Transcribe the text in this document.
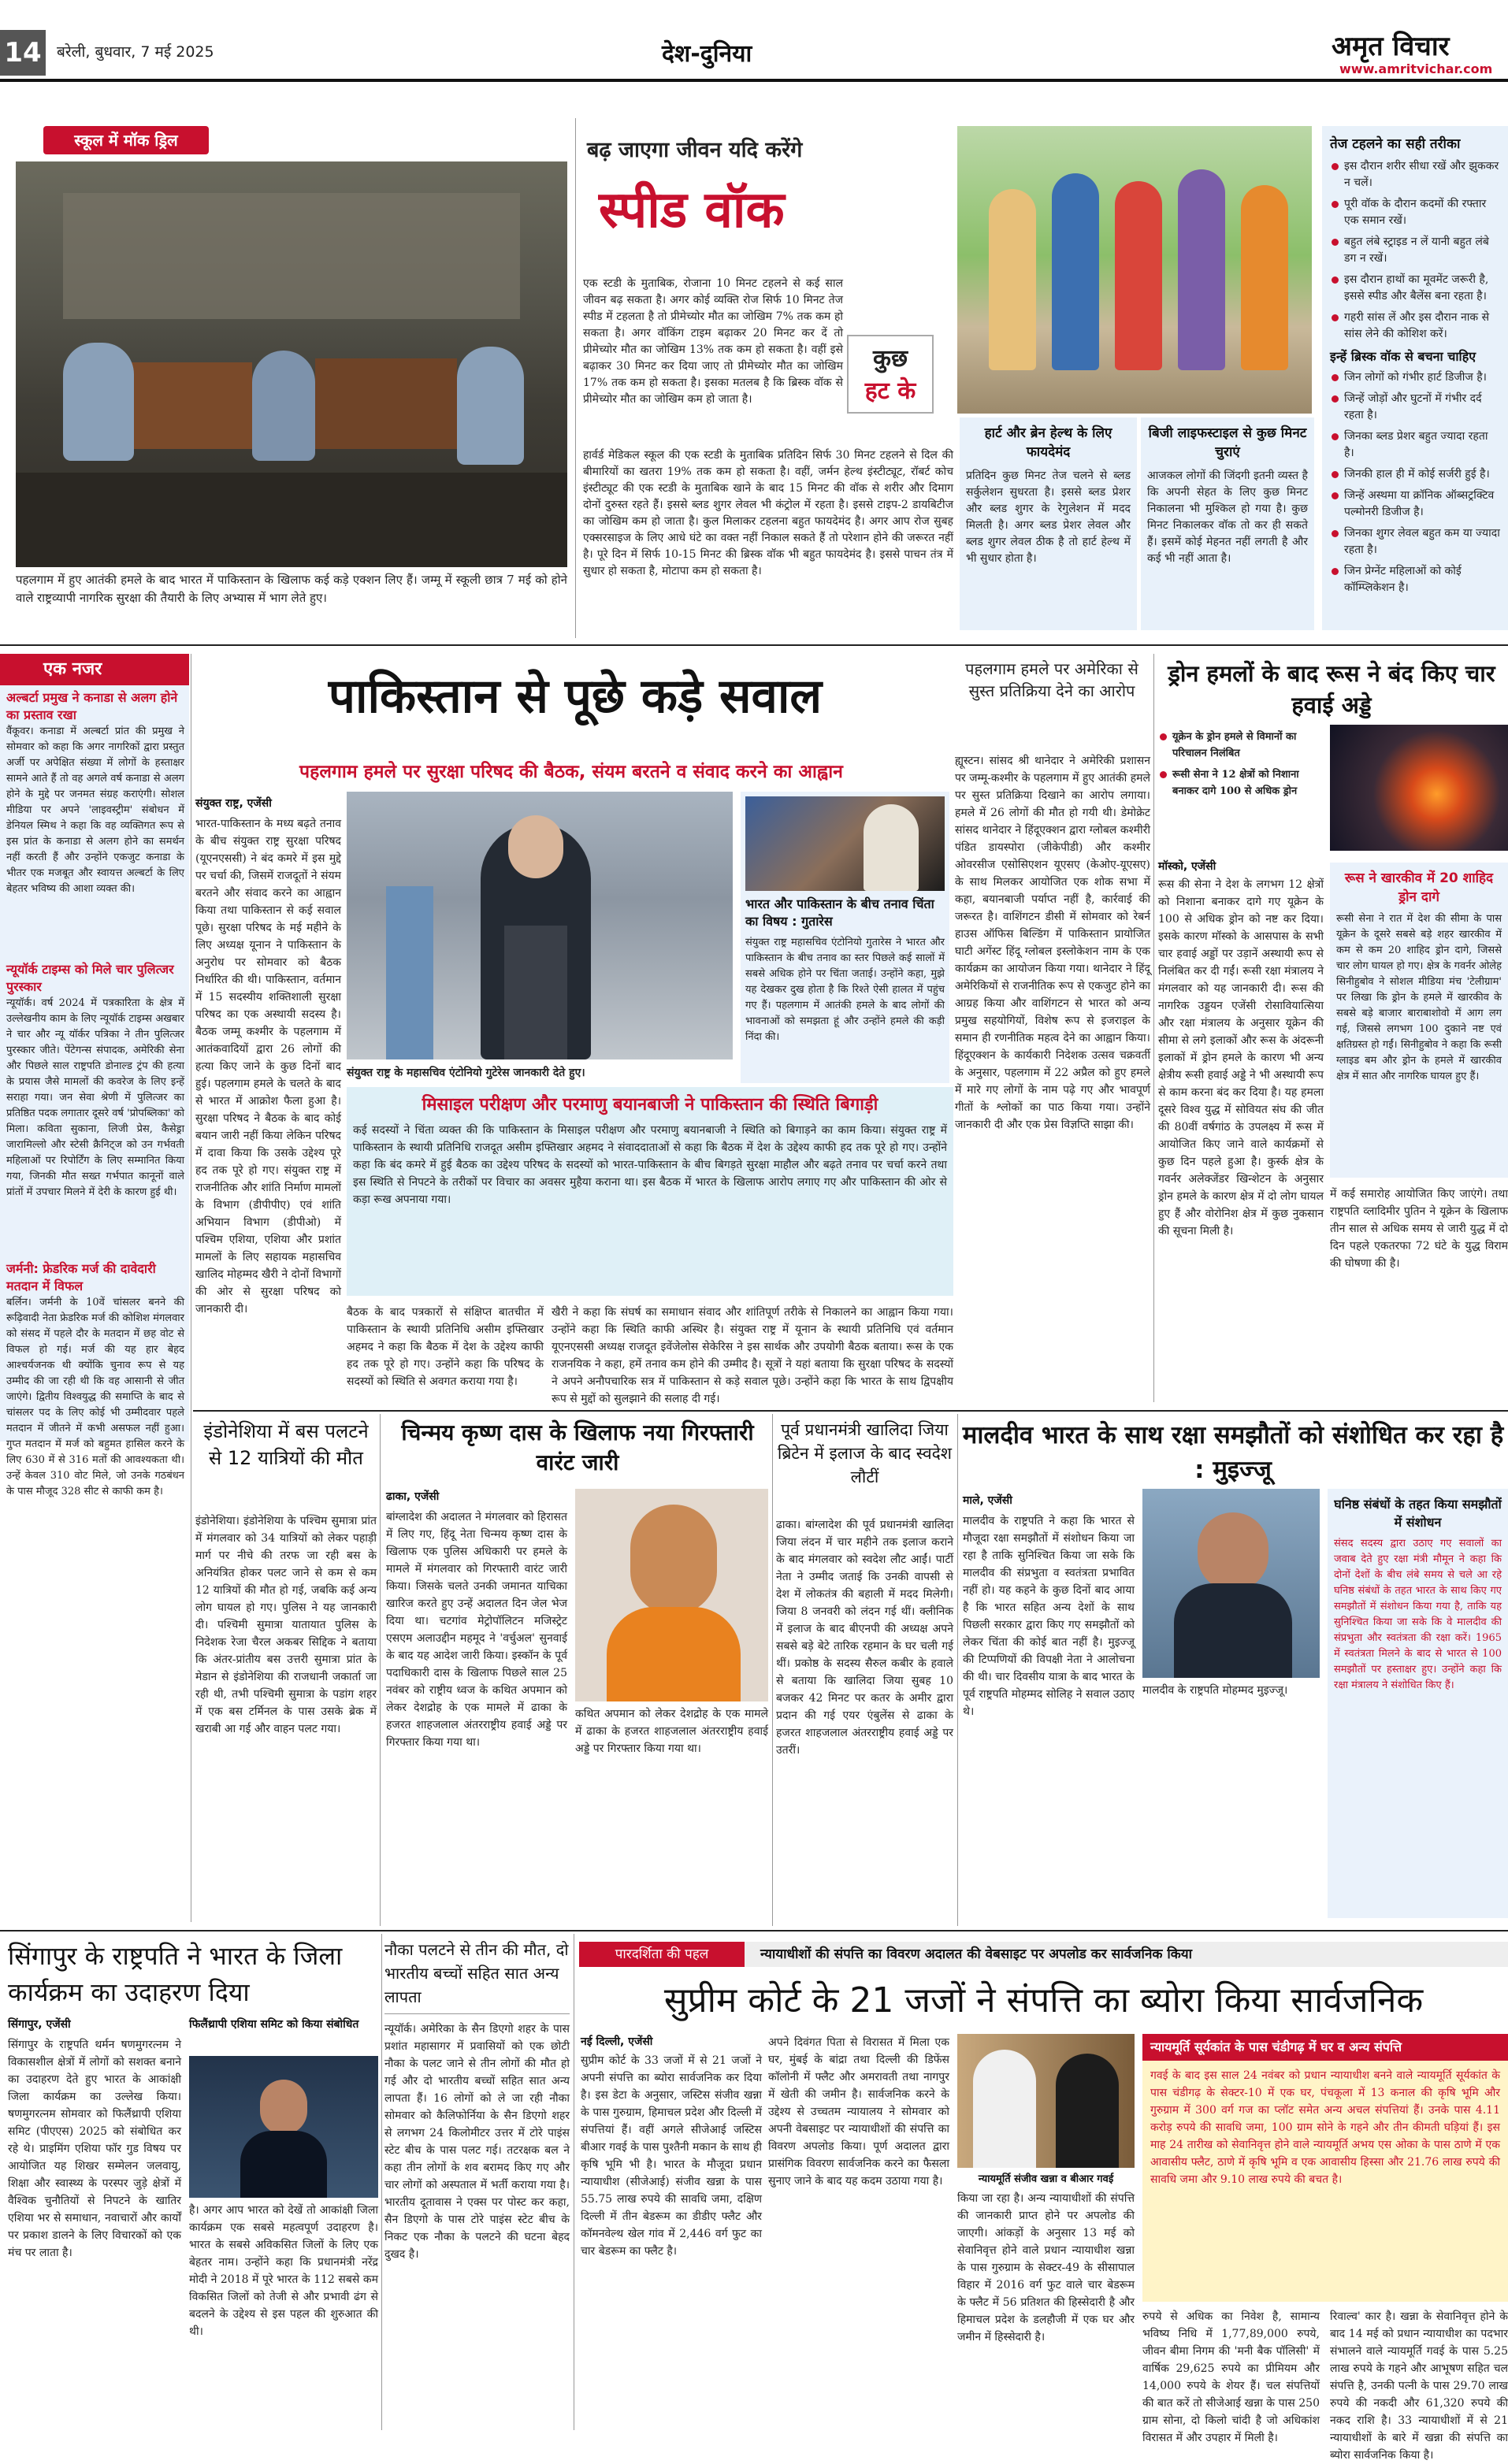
14 बरेली, बुधवार, 7 मई 2025	देश-दुनिया	अमृत विचार
www.amritvichar.com
स्कूल में मॉक ड्रिल
पहलगाम में हुए आतंकी हमले के बाद भारत में पाकिस्तान के खिलाफ कई कड़े एक्शन लिए हैं। जम्मू में स्कूली छात्र 7 मई को होने वाले राष्ट्रव्यापी नागरिक सुरक्षा की तैयारी के लिए अभ्यास में भाग लेते हुए।
बढ़ जाएगा जीवन यदि करेंगे
स्पीड वॉक
कुछ
हट के
एक स्टडी के मुताबिक, रोजाना 10 मिनट टहलने से कई साल जीवन बढ़ सकता है। अगर कोई व्यक्ति रोज सिर्फ 10 मिनट तेज स्पीड में टहलता है तो प्रीमेच्योर मौत का जोखिम 7% तक कम हो सकता है। अगर वॉकिंग टाइम बढ़ाकर 20 मिनट कर दें तो प्रीमेच्योर मौत का जोखिम 13% तक कम हो सकता है। वहीं इसे बढ़ाकर 30 मिनट कर दिया जाए तो प्रीमेच्योर मौत का जोखिम 17% तक कम हो सकता है। इसका मतलब है कि ब्रिस्क वॉक से प्रीमेच्योर मौत का जोखिम कम हो जाता है।
हार्वर्ड मेडिकल स्कूल की एक स्टडी के मुताबिक प्रतिदिन सिर्फ 30 मिनट टहलने से दिल की बीमारियों का खतरा 19% तक कम हो सकता है। वहीं, जर्मन हेल्थ इंस्टीट्यूट, रॉबर्ट कोच इंस्टीट्यूट की एक स्टडी के मुताबिक खाने के बाद 15 मिनट की वॉक से शरीर और दिमाग दोनों दुरुस्त रहते हैं। इससे ब्लड शुगर लेवल भी कंट्रोल में रहता है। इससे टाइप-2 डायबिटीज का जोखिम कम हो जाता है। कुल मिलाकर टहलना बहुत फायदेमंद है। अगर आप रोज सुबह एक्सरसाइज के लिए आधे घंटे का वक्त नहीं निकाल सकते हैं तो परेशान होने की जरूरत नहीं है। पूरे दिन में सिर्फ 10-15 मिनट की ब्रिस्क वॉक भी बहुत फायदेमंद है। इससे पाचन तंत्र में सुधार हो सकता है, मोटापा कम हो सकता है।
हार्ट और ब्रेन हेल्थ के लिए फायदेमंद
प्रतिदिन कुछ मिनट तेज चलने से ब्लड सर्कुलेशन सुधरता है। इससे ब्लड प्रेशर और ब्लड शुगर के रेगुलेशन में मदद मिलती है। अगर ब्लड प्रेशर लेवल और ब्लड शुगर लेवल ठीक है तो हार्ट हेल्थ में भी सुधार होता है।
बिजी लाइफस्टाइल से कुछ मिनट चुराएं
आजकल लोगों की जिंदगी इतनी व्यस्त है कि अपनी सेहत के लिए कुछ मिनट निकालना भी मुश्किल हो गया है। कुछ मिनट निकालकर वॉक तो कर ही सकते हैं। इसमें कोई मेहनत नहीं लगती है और कई भी नहीं आता है।
तेज टहलने का सही तरीका
इस दौरान शरीर सीधा रखें और झुककर न चलें।
पूरी वॉक के दौरान कदमों की रफ्तार एक समान रखें।
बहुत लंबे स्ट्राइड न लें यानी बहुत लंबे डग न रखें।
इस दौरान हाथों का मूवमेंट जरूरी है, इससे स्पीड और बैलेंस बना रहता है।
गहरी सांस लें और इस दौरान नाक से सांस लेने की कोशिश करें।
इन्हें ब्रिस्क वॉक से बचना चाहिए
जिन लोगों को गंभीर हार्ट डिजीज है।
जिन्हें जोड़ों और घुटनों में गंभीर दर्द रहता है।
जिनका ब्लड प्रेशर बहुत ज्यादा रहता है।
जिनकी हाल ही में कोई सर्जरी हुई है।
जिन्हें अस्थमा या क्रॉनिक ऑब्सट्रक्टिव पल्मोनरी डिजीज है।
जिनका शुगर लेवल बहुत कम या ज्यादा रहता है।
जिन प्रेग्नेंट महिलाओं को कोई कॉम्प्लिकेशन है।
एक नजर
अल्बर्टा प्रमुख ने कनाडा से अलग होने का प्रस्ताव रखा
वैंकूवर। कनाडा में अल्बर्टा प्रांत की प्रमुख ने सोमवार को कहा कि अगर नागरिकों द्वारा प्रस्तुत अर्जी पर अपेक्षित संख्या में लोगों के हस्ताक्षर सामने आते हैं तो वह अगले वर्ष कनाडा से अलग होने के मुद्दे पर जनमत संग्रह कराएंगी। सोशल मीडिया पर अपने 'लाइवस्ट्रीम' संबोधन में डेनियल स्मिथ ने कहा कि वह व्यक्तिगत रूप से इस प्रांत के कनाडा से अलग होने का समर्थन नहीं करती हैं और उन्होंने एकजुट कनाडा के भीतर एक मजबूत और स्वायत्त अल्बर्टा के लिए बेहतर भविष्य की आशा व्यक्त की।
न्यूयॉर्क टाइम्स को मिले चार पुलित्जर पुरस्कार
न्यूयॉर्क। वर्ष 2024 में पत्रकारिता के क्षेत्र में उल्लेखनीय काम के लिए न्यूयॉर्क टाइम्स अखबार ने चार और न्यू यॉर्कर पत्रिका ने तीन पुलित्जर पुरस्कार जीते। पेंटेगन्स संपादक, अमेरिकी सेना और पिछले साल राष्ट्रपति डोनाल्ड ट्रंप की हत्या के प्रयास जैसे मामलों की कवरेज के लिए इन्हें सराहा गया। जन सेवा श्रेणी में पुलित्जर का प्रतिष्ठित पदक लगातार दूसरे वर्ष 'प्रोपब्लिका' को मिला। कविता सुकाना, लिजी प्रेस, कैसेड्रा जारामिल्लो और स्टेसी क्रैनिट्ज को उन गर्भवती महिलाओं पर रिपोर्टिंग के लिए सम्मानित किया गया, जिनकी मौत सख्त गर्भपात कानूनों वाले प्रांतों में उपचार मिलने में देरी के कारण हुई थी।
जर्मनी: फ्रेडरिक मर्ज की दावेदारी मतदान में विफल
बर्लिन। जर्मनी के 10वें चांसलर बनने की रूढ़िवादी नेता फ्रेडरिक मर्ज की कोशिश मंगलवार को संसद में पहले दौर के मतदान में छह वोट से विफल हो गई। मर्ज की यह हार बेहद आश्चर्यजनक थी क्योंकि चुनाव रूप से यह उम्मीद की जा रही थी कि वह आसानी से जीत जाएंगे। द्वितीय विश्वयुद्ध की समाप्ति के बाद से चांसलर पद के लिए कोई भी उम्मीदवार पहले मतदान में जीतने में कभी असफल नहीं हुआ। गुप्त मतदान में मर्ज को बहुमत हासिल करने के लिए 630 में से 316 मतों की आवश्यकता थी। उन्हें केवल 310 वोट मिले, जो उनके गठबंधन के पास मौजूद 328 सीट से काफी कम है।
पाकिस्तान से पूछे कड़े सवाल
पहलगाम हमले पर सुरक्षा परिषद की बैठक, संयम बरतने व संवाद करने का आह्वान
संयुक्त राष्ट्र, एजेंसी
भारत-पाकिस्तान के मध्य बढ़ते तनाव के बीच संयुक्त राष्ट्र सुरक्षा परिषद (यूएनएससी) ने बंद कमरे में इस मुद्दे पर चर्चा की, जिसमें राजदूतों ने संयम बरतने और संवाद करने का आह्वान किया तथा पाकिस्तान से कई सवाल पूछे। सुरक्षा परिषद के मई महीने के लिए अध्यक्ष यूनान ने पाकिस्तान के अनुरोध पर सोमवार को बैठक निर्धारित की थी। पाकिस्तान, वर्तमान में 15 सदस्यीय शक्तिशाली सुरक्षा परिषद का एक अस्थायी सदस्य है। बैठक जम्मू कश्मीर के पहलगाम में आतंकवादियों द्वारा 26 लोगों की हत्या किए जाने के कुछ दिनों बाद हुई। पहलगाम हमले के चलते के बाद से भारत में आक्रोश फैला हुआ है। सुरक्षा परिषद ने बैठक के बाद कोई बयान जारी नहीं किया लेकिन परिषद में दावा किया कि उसके उद्देश्य पूरे हद तक पूरे हो गए। संयुक्त राष्ट्र में राजनीतिक और शांति निर्माण मामलों के विभाग (डीपीपीए) एवं शांति अभियान विभाग (डीपीओ) में पश्चिम एशिया, एशिया और प्रशांत मामलों के लिए सहायक महासचिव खालिद मोहम्मद खैरी ने दोनों विभागों की ओर से सुरक्षा परिषद को जानकारी दी।
संयुक्त राष्ट्र के महासचिव एंटोनियो गुटेरेस जानकारी देते हुए।
भारत और पाकिस्तान के बीच तनाव चिंता का विषय : गुतारेस
संयुक्त राष्ट्र महासचिव एंटोनियो गुतारेस ने भारत और पाकिस्तान के बीच तनाव का स्तर पिछले कई सालों में सबसे अधिक होने पर चिंता जताई। उन्होंने कहा, मुझे यह देखकर दुख होता है कि रिश्ते ऐसी हालत में पहुंच गए हैं। पहलगाम में आतंकी हमले के बाद लोगों की भावनाओं को समझता हूं और उन्होंने हमले की कड़ी निंदा की।
मिसाइल परीक्षण और परमाणु बयानबाजी ने पाकिस्तान की स्थिति बिगाड़ी
कई सदस्यों ने चिंता व्यक्त की कि पाकिस्तान के मिसाइल परीक्षण और परमाणु बयानबाजी ने स्थिति को बिगाड़ने का काम किया। संयुक्त राष्ट्र में पाकिस्तान के स्थायी प्रतिनिधि राजदूत असीम इफ्तिखार अहमद ने संवाददाताओं से कहा कि बैठक में देश के उद्देश्य काफी हद तक पूरे हो गए। उन्होंने कहा कि बंद कमरे में हुई बैठक का उद्देश्य परिषद के सदस्यों को भारत-पाकिस्तान के बीच बिगड़ते सुरक्षा माहौल और बढ़ते तनाव पर चर्चा करने तथा इस स्थिति से निपटने के तरीकों पर विचार का अवसर मुहैया कराना था। इस बैठक में भारत के खिलाफ आरोप लगाए गए और पाकिस्तान की ओर से कड़ा रूख अपनाया गया।
बैठक के बाद पत्रकारों से संक्षिप्त बातचीत में पाकिस्तान के स्थायी प्रतिनिधि असीम इफ्तिखार अहमद ने कहा कि बैठक में देश के उद्देश्य काफी हद तक पूरे हो गए। उन्होंने कहा कि परिषद के सदस्यों को स्थिति से अवगत कराया गया है।
खैरी ने कहा कि संघर्ष का समाधान संवाद और शांतिपूर्ण तरीके से निकालने का आह्वान किया गया। उन्होंने कहा कि स्थिति काफी अस्थिर है। संयुक्त राष्ट्र में यूनान के स्थायी प्रतिनिधि एवं वर्तमान यूएनएससी अध्यक्ष राजदूत इवेंजेलोस सेकेरिस ने इस सार्थक और उपयोगी बैठक बताया। रूस के एक राजनयिक ने कहा, हमें तनाव कम होने की उम्मीद है। सूत्रों ने यहां बताया कि सुरक्षा परिषद के सदस्यों ने अपने अनौपचारिक सत्र में पाकिस्तान से कड़े सवाल पूछे। उन्होंने कहा कि भारत के साथ द्विपक्षीय रूप से मुद्दों को सुलझाने की सलाह दी गई।
पहलगाम हमले पर अमेरिका से सुस्त प्रतिक्रिया देने का आरोप
ह्यूस्टन। सांसद श्री थानेदार ने अमेरिकी प्रशासन पर जम्मू-कश्मीर के पहलगाम में हुए आतंकी हमले पर सुस्त प्रतिक्रिया दिखाने का आरोप लगाया। हमले में 26 लोगों की मौत हो गयी थी। डेमोक्रेट सांसद थानेदार ने हिंदूएक्शन द्वारा ग्लोबल कश्मीरी पंडित डायस्पोरा (जीकेपीडी) और कश्मीर ओवरसीज एसोसिएशन यूएसए (केओए-यूएसए) के साथ मिलकर आयोजित एक शोक सभा में कहा, बयानबाजी पर्याप्त नहीं है, कार्रवाई की जरूरत है। वाशिंगटन डीसी में सोमवार को रेबर्न हाउस ऑफिस बिल्डिंग में पाकिस्तान प्रायोजित घाटी अगेंस्ट हिंदू ग्लोबल इस्लोकेशन नाम के एक कार्यक्रम का आयोजन किया गया। थानेदार ने हिंदू अमेरिकियों से राजनीतिक रूप से एकजुट होने का आग्रह किया और वाशिंगटन से भारत को अन्य प्रमुख सहयोगियों, विशेष रूप से इजराइल के समान ही रणनीतिक महत्व देने का आह्वान किया। हिंदूएक्शन के कार्यकारी निदेशक उत्सव चक्रवर्ती के अनुसार, पहलगाम में 22 अप्रैल को हुए हमले में मारे गए लोगों के नाम पढ़े गए और भावपूर्ण गीतों के श्लोकों का पाठ किया गया। उन्होंने जानकारी दी और एक प्रेस विज्ञप्ति साझा की।
ड्रोन हमलों के बाद रूस ने बंद किए चार हवाई अड्डे
यूक्रेन के ड्रोन हमले से विमानों का परिचालन निलंबित
रूसी सेना ने 12 क्षेत्रों को निशाना बनाकर दागे 100 से अधिक ड्रोन
मॉस्को, एजेंसी
रूस की सेना ने देश के लगभग 12 क्षेत्रों को निशाना बनाकर दागे गए यूक्रेन के 100 से अधिक ड्रोन को नष्ट कर दिया। इसके कारण मॉस्को के आसपास के सभी चार हवाई अड्डों पर उड़ानें अस्थायी रूप से निलंबित कर दी गईं। रूसी रक्षा मंत्रालय ने मंगलवार को यह जानकारी दी। रूस की नागरिक उड्डयन एजेंसी रोसावियात्सिया और रक्षा मंत्रालय के अनुसार यूक्रेन की सीमा से लगे इलाकों और रूस के अंदरूनी इलाकों में ड्रोन हमले के कारण भी अन्य क्षेत्रीय रूसी हवाई अड्डे ने भी अस्थायी रूप से काम करना बंद कर दिया है। यह हमला दूसरे विश्व युद्ध में सोवियत संघ की जीत की 80वीं वर्षगांठ के उपलक्ष्य में रूस में आयोजित किए जाने वाले कार्यक्रमों से कुछ दिन पहले हुआ है। कुर्स्क क्षेत्र के गवर्नर अलेक्जेंडर खिन्शेटन के अनुसार ड्रोन हमले के कारण क्षेत्र में दो लोग घायल हुए हैं और वोरोनिश क्षेत्र में कुछ नुकसान की सूचना मिली है।
रूस ने खारकीव में 20 शाहिद ड्रोन दागे
रूसी सेना ने रात में देश की सीमा के पास यूक्रेन के दूसरे सबसे बड़े शहर खारकीव में कम से कम 20 शाहिद ड्रोन दागे, जिससे चार लोग घायल हो गए। क्षेत्र के गवर्नर ओलेह सिनीहुबोव ने सोशल मीडिया मंच 'टेलीग्राम' पर लिखा कि ड्रोन के हमले में खारकीव के सबसे बड़े बाजार बाराबाशोवो में आग लग गई, जिससे लगभग 100 दुकाने नष्ट एवं क्षतिग्रस्त हो गईं। सिनीहुबोव ने कहा कि रूसी ग्लाइड बम और ड्रोन के हमले में खारकीव क्षेत्र में सात और नागरिक घायल हुए हैं।
में कई समारोह आयोजित किए जाएंगे। तथा राष्ट्रपति व्लादिमीर पुतिन ने यूक्रेन के खिलाफ तीन साल से अधिक समय से जारी युद्ध में दो दिन पहले एकतरफा 72 घंटे के युद्ध विराम की घोषणा की है।
इंडोनेशिया में बस पलटने से 12 यात्रियों की मौत
इंडोनेशिया। इंडोनेशिया के पश्चिम सुमात्रा प्रांत में मंगलवार को 34 यात्रियों को लेकर पहाड़ी मार्ग पर नीचे की तरफ जा रही बस के अनियंत्रित होकर पलट जाने से कम से कम 12 यात्रियों की मौत हो गई, जबकि कई अन्य लोग घायल हो गए। पुलिस ने यह जानकारी दी। पश्चिमी सुमात्रा यातायात पुलिस के निदेशक रेजा चैरल अकबर सिद्दिक ने बताया कि अंतर-प्रांतीय बस उत्तरी सुमात्रा प्रांत के मेडान से इंडोनेशिया की राजधानी जकार्ता जा रही थी, तभी पश्चिमी सुमात्रा के पडांग शहर में एक बस टर्मिनल के पास उसके ब्रेक में खराबी आ गई और वाहन पलट गया।
चिन्मय कृष्ण दास के खिलाफ नया गिरफ्तारी वारंट जारी
ढाका, एजेंसी
बांग्लादेश की अदालत ने मंगलवार को हिरासत में लिए गए, हिंदू नेता चिन्मय कृष्ण दास के खिलाफ एक पुलिस अधिकारी पर हमले के मामले में मंगलवार को गिरफ्तारी वारंट जारी किया। जिसके चलते उनकी जमानत याचिका खारिज करते हुए उन्हें अदालत दिन जेल भेज दिया था। चटगांव मेट्रोपॉलिटन मजिस्ट्रेट एसएम अलाउद्दीन महमूद ने 'वर्चुअल' सुनवाई के बाद यह आदेश जारी किया। इस्कॉन के पूर्व पदाधिकारी दास के खिलाफ पिछले साल 25 नवंबर को राष्ट्रीय ध्वज के कथित अपमान को लेकर देशद्रोह के एक मामले में ढाका के हजरत शाहजलाल अंतरराष्ट्रीय हवाई अड्डे पर गिरफ्तार किया गया था।
कथित अपमान को लेकर देशद्रोह के एक मामले में ढाका के हजरत शाहजलाल अंतरराष्ट्रीय हवाई अड्डे पर गिरफ्तार किया गया था।
पूर्व प्रधानमंत्री खालिदा जिया ब्रिटेन में इलाज के बाद स्वदेश लौटीं
ढाका। बांग्लादेश की पूर्व प्रधानमंत्री खालिदा जिया लंदन में चार महीने तक इलाज कराने के बाद मंगलवार को स्वदेश लौट आईं। पार्टी नेता ने उम्मीद जताई कि उनकी वापसी से देश में लोकतंत्र की बहाली में मदद मिलेगी। जिया 8 जनवरी को लंदन गई थीं। क्लीनिक में इलाज के बाद बीएनपी की अध्यक्ष अपने सबसे बड़े बेटे तारिक रहमान के घर चली गई थीं। प्रकोष्ठ के सदस्य सैरुल कबीर के हवाले से बताया कि खालिदा जिया सुबह 10 बजकर 42 मिनट पर कतर के अमीर द्वारा प्रदान की गई एयर एंबुलेंस से ढाका के हजरत शाहजलाल अंतरराष्ट्रीय हवाई अड्डे पर उतरीं।
मालदीव भारत के साथ रक्षा समझौतों को संशोधित कर रहा है : मुइज्जू
माले, एजेंसी
मालदीव के राष्ट्रपति ने कहा कि भारत से मौजूदा रक्षा समझौतों में संशोधन किया जा रहा है ताकि सुनिश्चित किया जा सके कि मालदीव की संप्रभुता व स्वतंत्रता प्रभावित नहीं हो। यह कहने के कुछ दिनों बाद आया है कि भारत सहित अन्य देशों के साथ पिछली सरकार द्वारा किए गए समझौतों को लेकर चिंता की कोई बात नहीं है। मुइज्जू की टिप्पणियों की विपक्षी नेता ने आलोचना की थी। चार दिवसीय यात्रा के बाद भारत के पूर्व राष्ट्रपति मोहम्मद सोलिह ने सवाल उठाए थे।
मालदीव के राष्ट्रपति मोहम्मद मुइज्जू।
घनिष्ठ संबंधों के तहत किया समझौतों में संशोधन
संसद सदस्य द्वारा उठाए गए सवालों का जवाब देते हुए रक्षा मंत्री मौमून ने कहा कि दोनों देशों के बीच लंबे समय से चले आ रहे घनिष्ठ संबंधों के तहत भारत के साथ किए गए समझौतों में संशोधन किया गया है, ताकि यह सुनिश्चित किया जा सके कि वे मालदीव की संप्रभुता और स्वतंत्रता की रक्षा करें। 1965 में स्वतंत्रता मिलने के बाद से भारत से 100 समझौतों पर हस्ताक्षर हुए। उन्होंने कहा कि रक्षा मंत्रालय ने संशोधित किए हैं।
सिंगापुर के राष्ट्रपति ने भारत के जिला कार्यक्रम का उदाहरण दिया
सिंगापुर, एजेंसी
सिंगापुर के राष्ट्रपति थर्मन षणमुगरत्नम ने विकासशील क्षेत्रों में लोगों को सशक्त बनाने का उदाहरण देते हुए भारत के आकांक्षी जिला कार्यक्रम का उल्लेख किया। षणमुगरत्नम सोमवार को फिलैंथ्रापी एशिया समिट (पीएएस) 2025 को संबोधित कर रहे थे। प्राइमिंग एशिया फॉर गुड विषय पर आयोजित यह शिखर सम्मेलन जलवायु, शिक्षा और स्वास्थ्य के परस्पर जुड़े क्षेत्रों में वैश्विक चुनौतियों से निपटने के खातिर एशिया भर से समाधान, नवाचारों और कार्यों पर प्रकाश डालने के लिए विचारकों को एक मंच पर लाता है।
फिलैंथ्रापी एशिया समिट को किया संबोधित
है। अगर आप भारत को देखें तो आकांक्षी जिला कार्यक्रम एक सबसे महत्वपूर्ण उदाहरण है। भारत के सबसे अविकसित जिलों के लिए एक बेहतर नाम। उन्होंने कहा कि प्रधानमंत्री नरेंद्र मोदी ने 2018 में पूरे भारत के 112 सबसे कम विकसित जिलों को तेजी से और प्रभावी ढंग से बदलने के उद्देश्य से इस पहल की शुरुआत की थी।
नौका पलटने से तीन की मौत, दो भारतीय बच्चों सहित सात अन्य लापता
न्यूयॉर्क। अमेरिका के सैन डिएगो शहर के पास प्रशांत महासागर में प्रवासियों को एक छोटी नौका के पलट जाने से तीन लोगों की मौत हो गई और दो भारतीय बच्चों सहित सात अन्य लापता हैं। 16 लोगों को ले जा रही नौका सोमवार को कैलिफोर्निया के सैन डिएगो शहर से लगभग 24 किलोमीटर उत्तर में टोरे पाइंस स्टेट बीच के पास पलट गई। तटरक्षक बल ने कहा तीन लोगों के शव बरामद किए गए और चार लोगों को अस्पताल में भर्ती कराया गया है। भारतीय दूतावास ने एक्स पर पोस्ट कर कहा, सैन डिएगो के पास टोरे पाइंस स्टेट बीच के निकट एक नौका के पलटने की घटना बेहद दुखद है।
पारदर्शिता की पहल	न्यायाधीशों की संपत्ति का विवरण अदालत की वेबसाइट पर अपलोड कर सार्वजनिक किया
सुप्रीम कोर्ट के 21 जजों ने संपत्ति का ब्योरा किया सार्वजनिक
नई दिल्ली, एजेंसी
सुप्रीम कोर्ट के 33 जजों में से 21 जजों ने अपनी संपत्ति का ब्योरा सार्वजनिक कर दिया है। इस डेटा के अनुसार, जस्टिस संजीव खन्ना के पास गुरुग्राम, हिमाचल प्रदेश और दिल्ली में संपत्तियां हैं। वहीं अगले सीजेआई जस्टिस बीआर गवई के पास पुश्तैनी मकान के साथ ही कृषि भूमि भी है। भारत के मौजूदा प्रधान न्यायाधीश (सीजेआई) संजीव खन्ना के पास 55.75 लाख रुपये की सावधि जमा, दक्षिण दिल्ली में तीन बेडरूम का डीडीए फ्लैट और कॉमनवेल्थ खेल गांव में 2,446 वर्ग फुट का चार बेडरूम का फ्लैट है।
अपने दिवंगत पिता से विरासत में मिला एक घर, मुंबई के बांद्रा तथा दिल्ली की डिफेंस कॉलोनी में फ्लैट और अमरावती तथा नागपुर में खेती की जमीन है। सार्वजनिक करने के उद्देश्य से उच्चतम न्यायालय ने सोमवार को अपनी वेबसाइट पर न्यायाधीशों की संपत्ति का विवरण अपलोड किया। पूर्ण अदालत द्वारा प्रासंगिक विवरण सार्वजनिक करने का फैसला सुनाए जाने के बाद यह कदम उठाया गया है।	न्यायमूर्ति संजीव खन्ना व बीआर गवई
किया जा रहा है। अन्य न्यायाधीशों की संपत्ति की जानकारी प्राप्त होने पर अपलोड की जाएगी। आंकड़ों के अनुसार 13 मई को सेवानिवृत्त होने वाले प्रधान न्यायाधीश खन्ना के पास गुरुग्राम के सेक्टर-49 के सीसापाल विहार में 2016 वर्ग फुट वाले चार बेडरूम के फ्लैट में 56 प्रतिशत की हिस्सेदारी है और हिमाचल प्रदेश के डलहौजी में एक घर और जमीन में हिस्सेदारी है।
न्यायमूर्ति सूर्यकांत के पास चंडीगढ़ में घर व अन्य संपत्ति
गवई के बाद इस साल 24 नवंबर को प्रधान न्यायाधीश बनने वाले न्यायमूर्ति सूर्यकांत के पास चंडीगढ़ के सेक्टर-10 में एक घर, पंचकूला में 13 कनाल की कृषि भूमि और गुरुग्राम में 300 वर्ग गज का प्लॉट समेत अन्य अचल संपत्तियां हैं। उनके पास 4.11 करोड़ रुपये की सावधि जमा, 100 ग्राम सोने के गहने और तीन कीमती घड़ियां हैं। इस माह 24 तारीख को सेवानिवृत्त होने वाले न्यायमूर्ति अभय एस ओका के पास ठाणे में एक आवासीय फ्लैट, ठाणे में कृषि भूमि व एक आवासीय हिस्सा और 21.76 लाख रुपये की सावधि जमा और 9.10 लाख रुपये की बचत है।
रुपये से अधिक का निवेश है, सामान्य भविष्य निधि में 1,77,89,000 रुपये, जीवन बीमा निगम की 'मनी बैक पॉलिसी' में वार्षिक 29,625 रुपये का प्रीमियम और 14,000 रुपये के शेयर हैं। चल संपत्तियों की बात करें तो सीजेआई खन्ना के पास 250 ग्राम सोना, दो किलो चांदी है जो अधिकांश विरासत में और उपहार में मिली है।
रिवाल्व' कार है। खन्ना के सेवानिवृत्त होने के बाद 14 मई को प्रधान न्यायाधीश का पदभार संभालने वाले न्यायमूर्ति गवई के पास 5.25 लाख रुपये के गहने और आभूषण सहित चल संपत्ति है, उनकी पत्नी के पास 29.70 लाख रुपये की नकदी और 61,320 रुपये की नकद राशि है। 33 न्यायाधीशों में से 21 न्यायाधीशों के बारे में खन्ना की संपत्ति का ब्योरा सार्वजनिक किया है।
